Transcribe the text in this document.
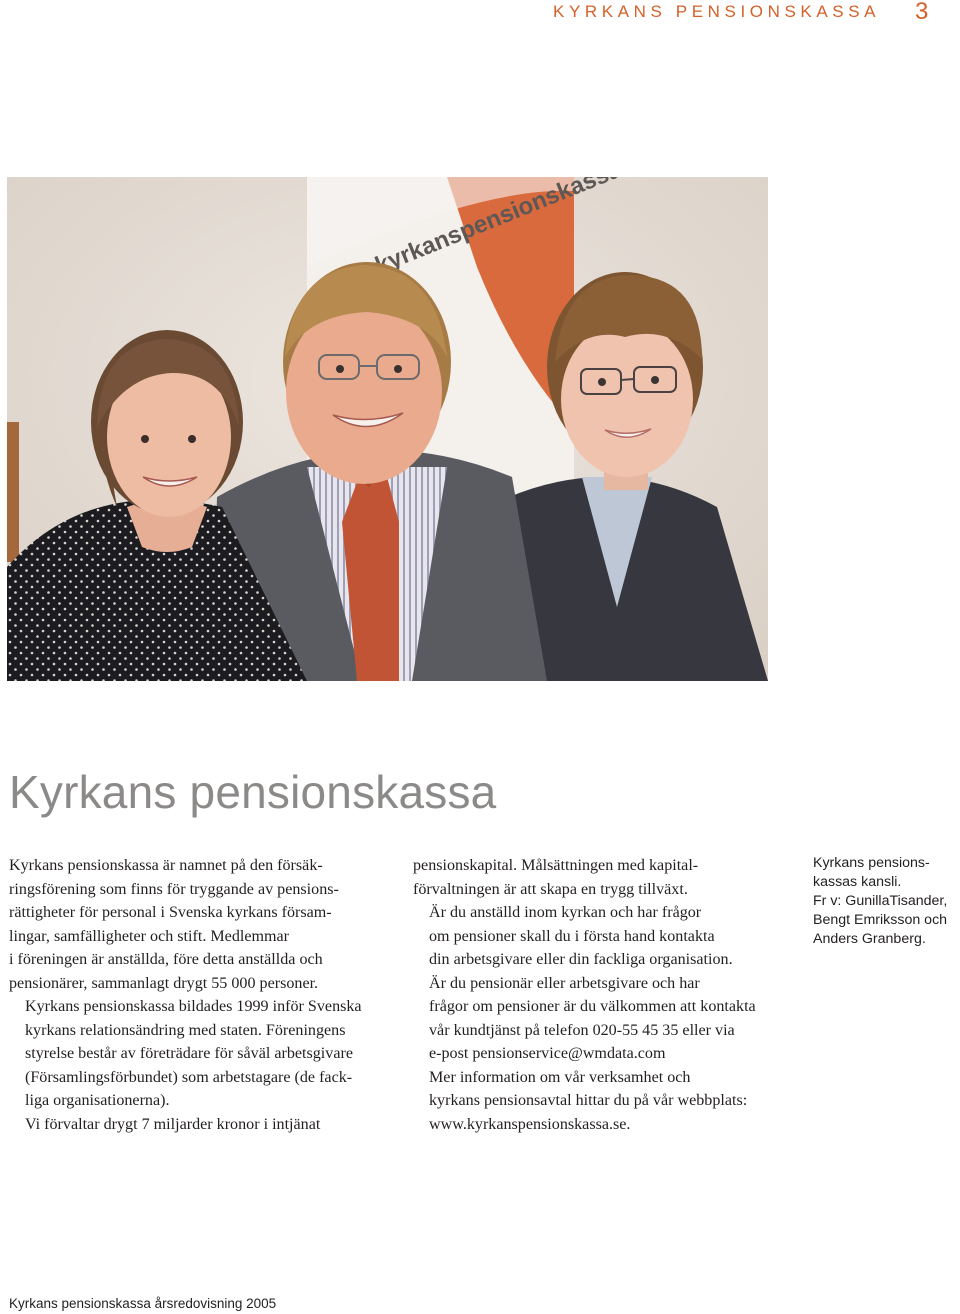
KYRKANS PENSIONSKASSA	3
Kyrkans pensionskassa

Kyrkans pensionskassa är namnet på den försäk-
ringsförening som finns för tryggande av pensions-
rättigheter för personal i Svenska kyrkans försam-
lingar, samfälligheter och stift. Medlemmar
i föreningen är anställda, före detta anställda och
pensionärer, sammanlagt drygt 55 000 personer.

Kyrkans pensionskassa bildades 1999 inför Svenska
kyrkans relationsändring med staten. Föreningens
styrelse består av företrädare för såväl arbetsgivare
(Församlingsförbundet) som arbetstagare (de fack-
liga organisationerna).

Vi förvaltar drygt 7 miljarder kronor i intjänat

pensionskapital. Målsättningen med kapital-
förvaltningen är att skapa en trygg tillväxt.

Är du anställd inom kyrkan och har frågor
om pensioner skall du i första hand kontakta
din arbetsgivare eller din fackliga organisation.

Är du pensionär eller arbetsgivare och har
frågor om pensioner är du välkommen att kontakta
vår kundtjänst på telefon 020-55 45 35 eller via
e-post pensionservice@wmdata.com

Mer information om vår verksamhet och
kyrkans pensionsavtal hittar du på vår webbplats:
www.kyrkanspensionskassa.se.

Kyrkans pensions-
kassas kansli.
Fr v: GunillaTisander,
Bengt Emriksson och
Anders Granberg.
Kyrkans pensionskassa årsredovisning 2005
